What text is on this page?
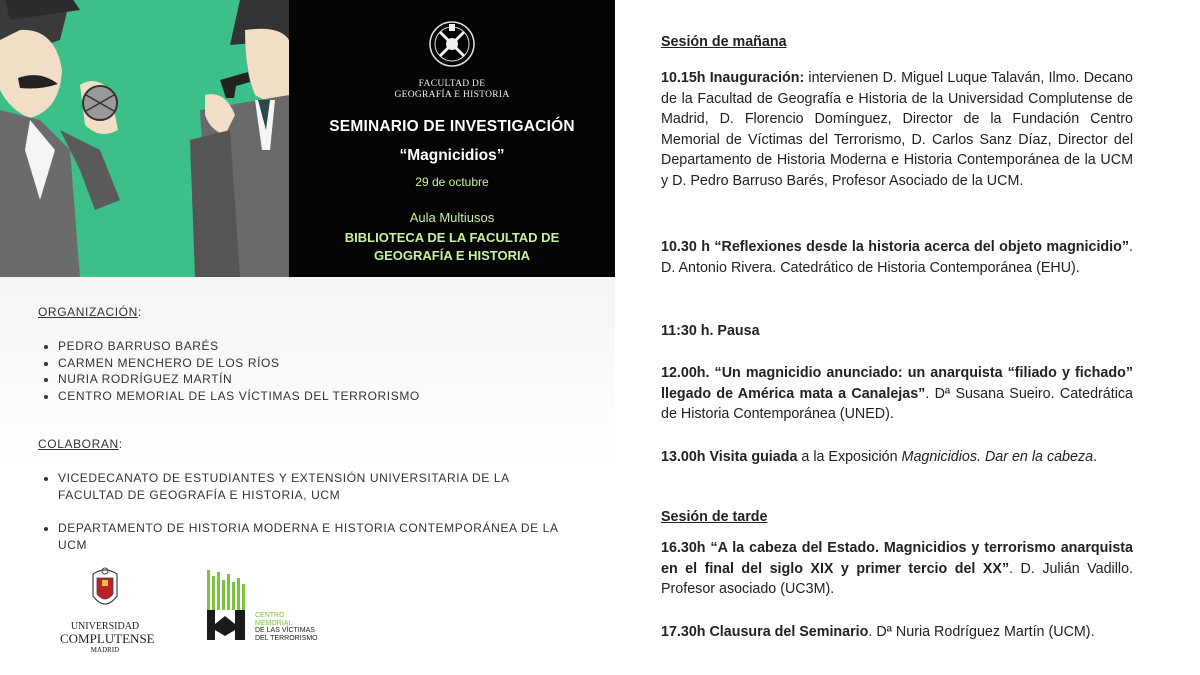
FACULTAD DE
GEOGRAFÍA E HISTORIA
SEMINARIO DE INVESTIGACIÓN
“Magnicidios”
29 de octubre
Aula Multiusos
BIBLIOTECA DE LA FACULTAD DE
GEOGRAFÍA E HISTORIA
ORGANIZACIÓN:
• PEDRO BARRUSO BARÉS
• CARMEN MENCHERO DE LOS RÍOS
• NURIA RODRÍGUEZ MARTÍN
• CENTRO MEMORIAL DE LAS VÍCTIMAS DEL TERRORISMO
COLABORAN:
• VICEDECANATO DE ESTUDIANTES Y EXTENSIÓN UNIVERSITARIA DE LA FACULTAD DE GEOGRAFÍA E HISTORIA, UCM
• DEPARTAMENTO DE HISTORIA MODERNA E HISTORIA CONTEMPORÁNEA DE LA UCM
UNIVERSIDAD
COMPLUTENSE
MADRID
CENTRO
MEMORIAL
DE LAS VÍCTIMAS
DEL TERRORISMO
Sesión de mañana
10.15h Inauguración: intervienen D. Miguel Luque Talaván, Ilmo. Decano de la Facultad de Geografía e Historia de la Universidad Complutense de Madrid, D. Florencio Domínguez, Director de la Fundación Centro Memorial de Víctimas del Terrorismo, D. Carlos Sanz Díaz, Director del Departamento de Historia Moderna e Historia Contemporánea de la UCM y D. Pedro Barruso Barés, Profesor Asociado de la UCM.
10.30 h “Reflexiones desde la historia acerca del objeto magnicidio”. D. Antonio Rivera. Catedrático de Historia Contemporánea (EHU).
11:30 h. Pausa
12.00h. “Un magnicidio anunciado: un anarquista “filiado y fichado” llegado de América mata a Canalejas”. Dª Susana Sueiro. Catedrática de Historia Contemporánea (UNED).
13.00h Visita guiada a la Exposición Magnicidios. Dar en la cabeza.
Sesión de tarde
16.30h “A la cabeza del Estado. Magnicidios y terrorismo anarquista en el final del siglo XIX y primer tercio del XX”. D. Julián Vadillo. Profesor asociado (UC3M).
17.30h Clausura del Seminario. Dª Nuria Rodríguez Martín (UCM).
